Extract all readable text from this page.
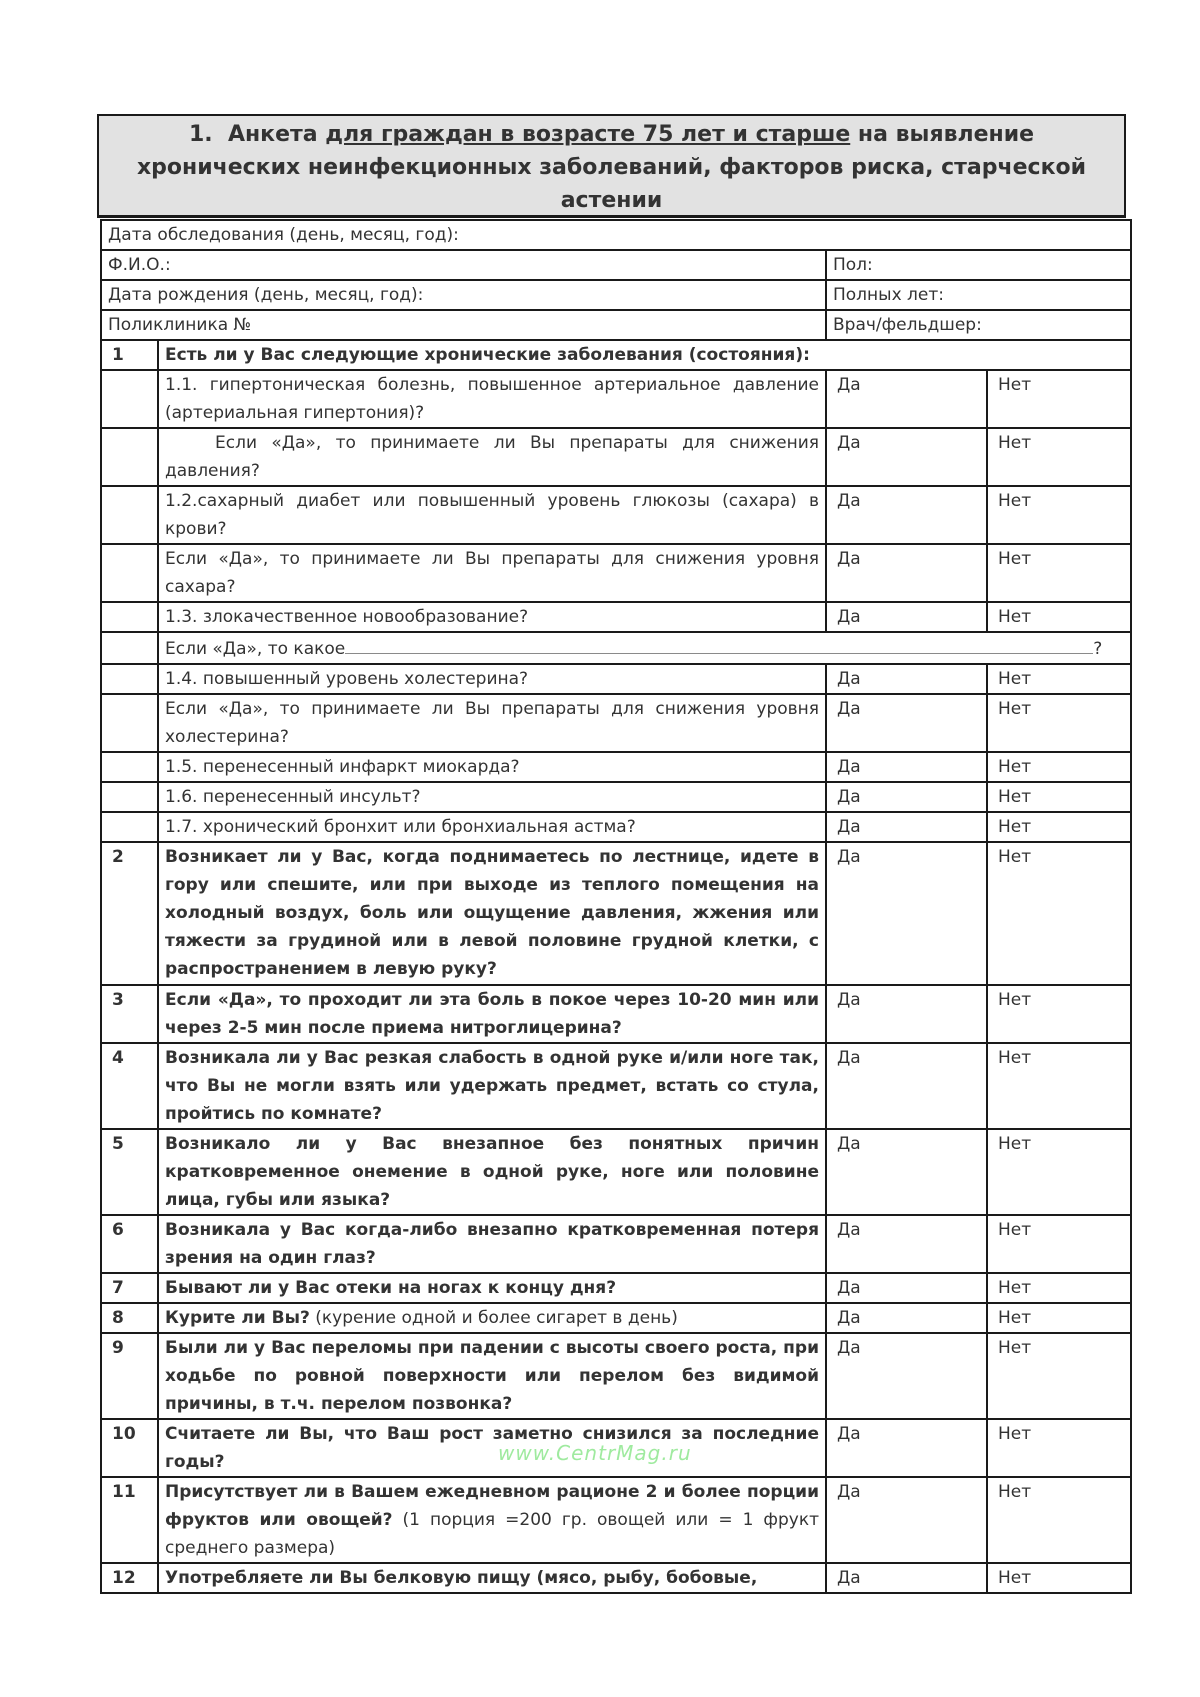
1. Анкета для граждан в возрасте 75 лет и старше на выявление
хронических неинфекционных заболеваний, факторов риска, старческой
астении
Дата обследования (день, месяц, год):			
Ф.И.О.:		Пол:	
Дата рождения (день, месяц, год):		Полных лет:	
Поликлиника №		Врач/фельдшер:	
1	Есть ли у Вас следующие хронические заболевания (состояния):		
	1.1. гипертоническая болезнь, повышенное артериальное давление (артериальная гипертония)?	Да	Нет
	Если «Да», то принимаете ли Вы препараты для снижения давления?	Да	Нет
	1.2.сахарный диабет или повышенный уровень глюкозы (сахара) в крови?	Да	Нет
	Если «Да», то принимаете ли Вы препараты для снижения уровня сахара?	Да	Нет
	1.3. злокачественное новообразование?	Да	Нет
	Если «Да», то какое ?		
	1.4. повышенный уровень холестерина?	Да	Нет
	Если «Да», то принимаете ли Вы препараты для снижения уровня холестерина?	Да	Нет
	1.5. перенесенный инфаркт миокарда?	Да	Нет
	1.6. перенесенный инсульт?	Да	Нет
	1.7. хронический бронхит или бронхиальная астма?	Да	Нет
2	Возникает ли у Вас, когда поднимаетесь по лестнице, идете в гору или спешите, или при выходе из теплого помещения на холодный воздух, боль или ощущение давления, жжения или тяжести за грудиной или в левой половине грудной клетки, с распространением в левую руку?	Да	Нет
3	Если «Да», то проходит ли эта боль в покое через 10-20 мин или через 2-5 мин после приема нитроглицерина?	Да	Нет
4	Возникала ли у Вас резкая слабость в одной руке и/или ноге так, что Вы не могли взять или удержать предмет, встать со стула, пройтись по комнате?	Да	Нет
5	Возникало ли у Вас внезапное без понятных причин кратковременное онемение в одной руке, ноге или половине лица, губы или языка?	Да	Нет
6	Возникала у Вас когда-либо внезапно кратковременная потеря зрения на один глаз?	Да	Нет
7	Бывают ли у Вас отеки на ногах к концу дня?	Да	Нет
8	Курите ли Вы? (курение одной и более сигарет в день)	Да	Нет
9	Были ли у Вас переломы при падении с высоты своего роста, при ходьбе по ровной поверхности или перелом без видимой причины, в т.ч. перелом позвонка?	Да	Нет
10	Считаете ли Вы, что Ваш рост заметно снизился за последние годы?	Да	Нет
11	Присутствует ли в Вашем ежедневном рационе 2 и более порции фруктов или овощей? (1 порция =200 гр. овощей или = 1 фрукт среднего размера)	Да	Нет
12	Употребляете ли Вы белковую пищу (мясо, рыбу, бобовые,	Да	Нет
www.CentrMag.ru
